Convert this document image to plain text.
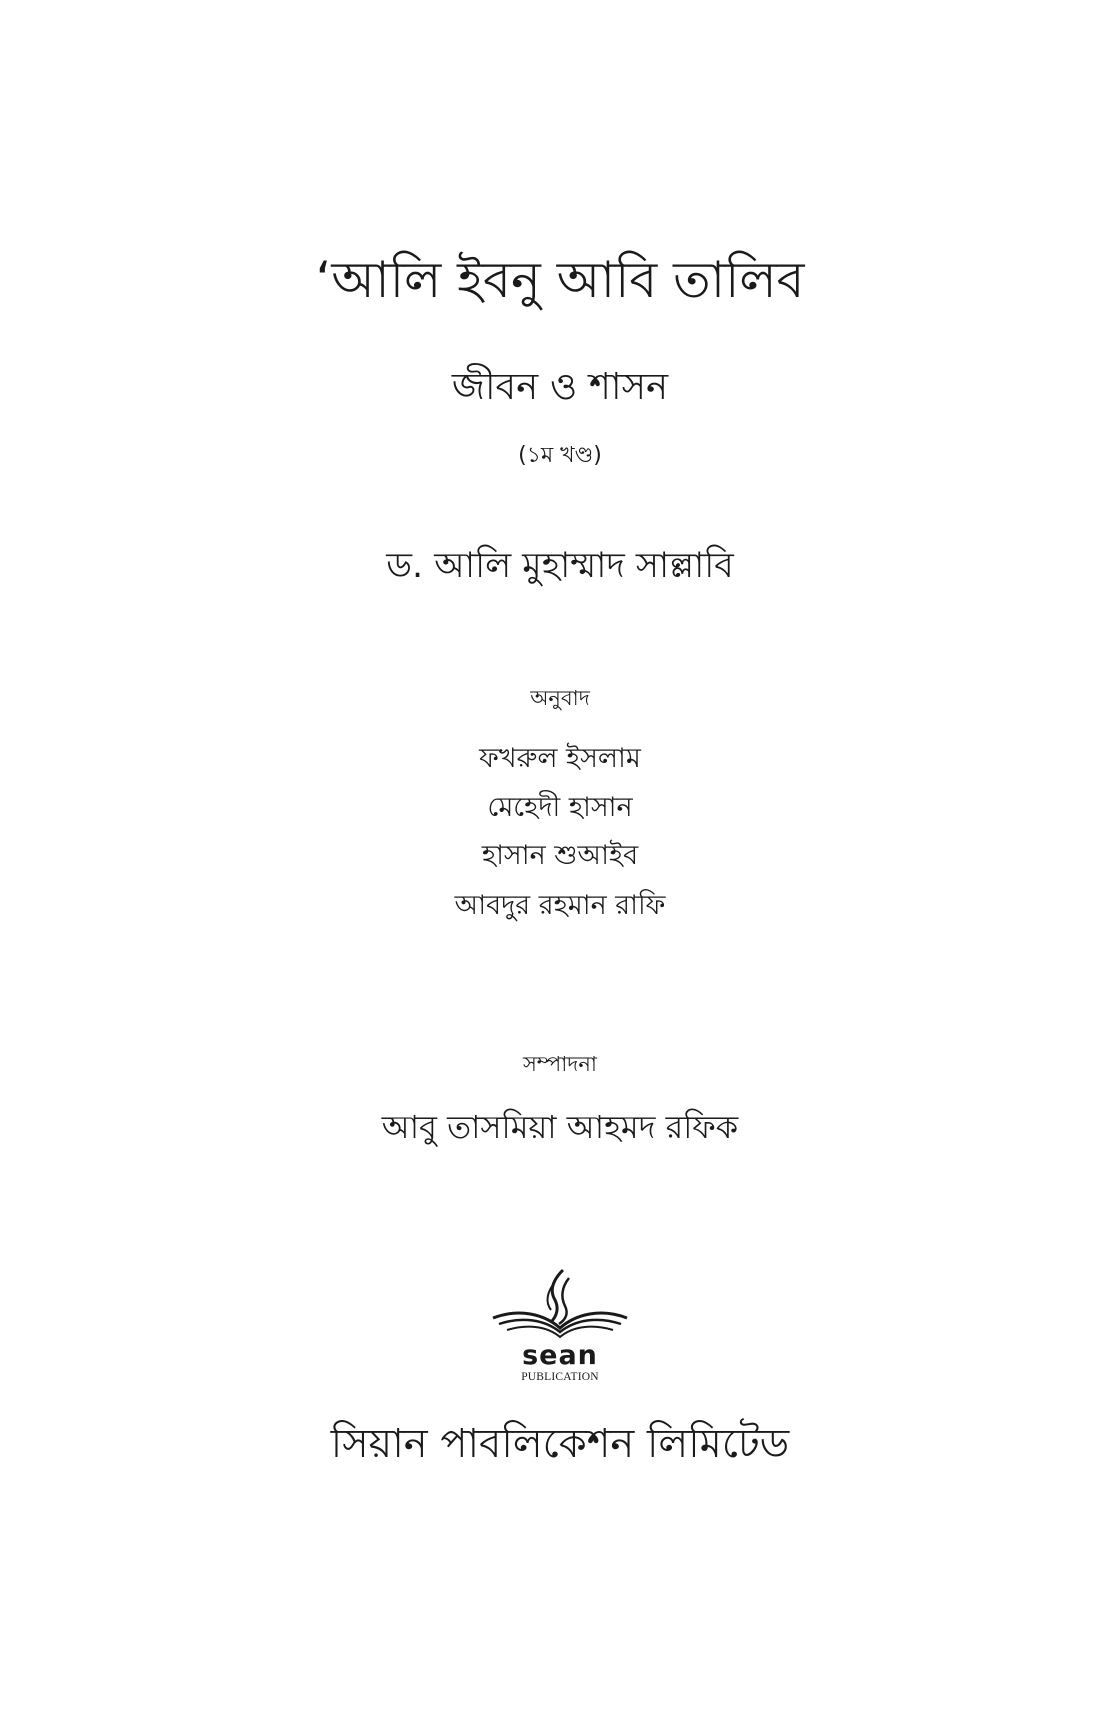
‘আলি ইবনু আবি তালিব
জীবন ও শাসন
(১ম খণ্ড)
ড. আলি মুহাম্মাদ সাল্লাবি
অনুবাদ
ফখরুল ইসলাম
মেহেদী হাসান
হাসান শুআইব
আবদুর রহমান রাফি
সম্পাদনা
আবু তাসমিয়া আহমদ রফিক
sean
PUBLICATION
সিয়ান পাবলিকেশন লিমিটেড
